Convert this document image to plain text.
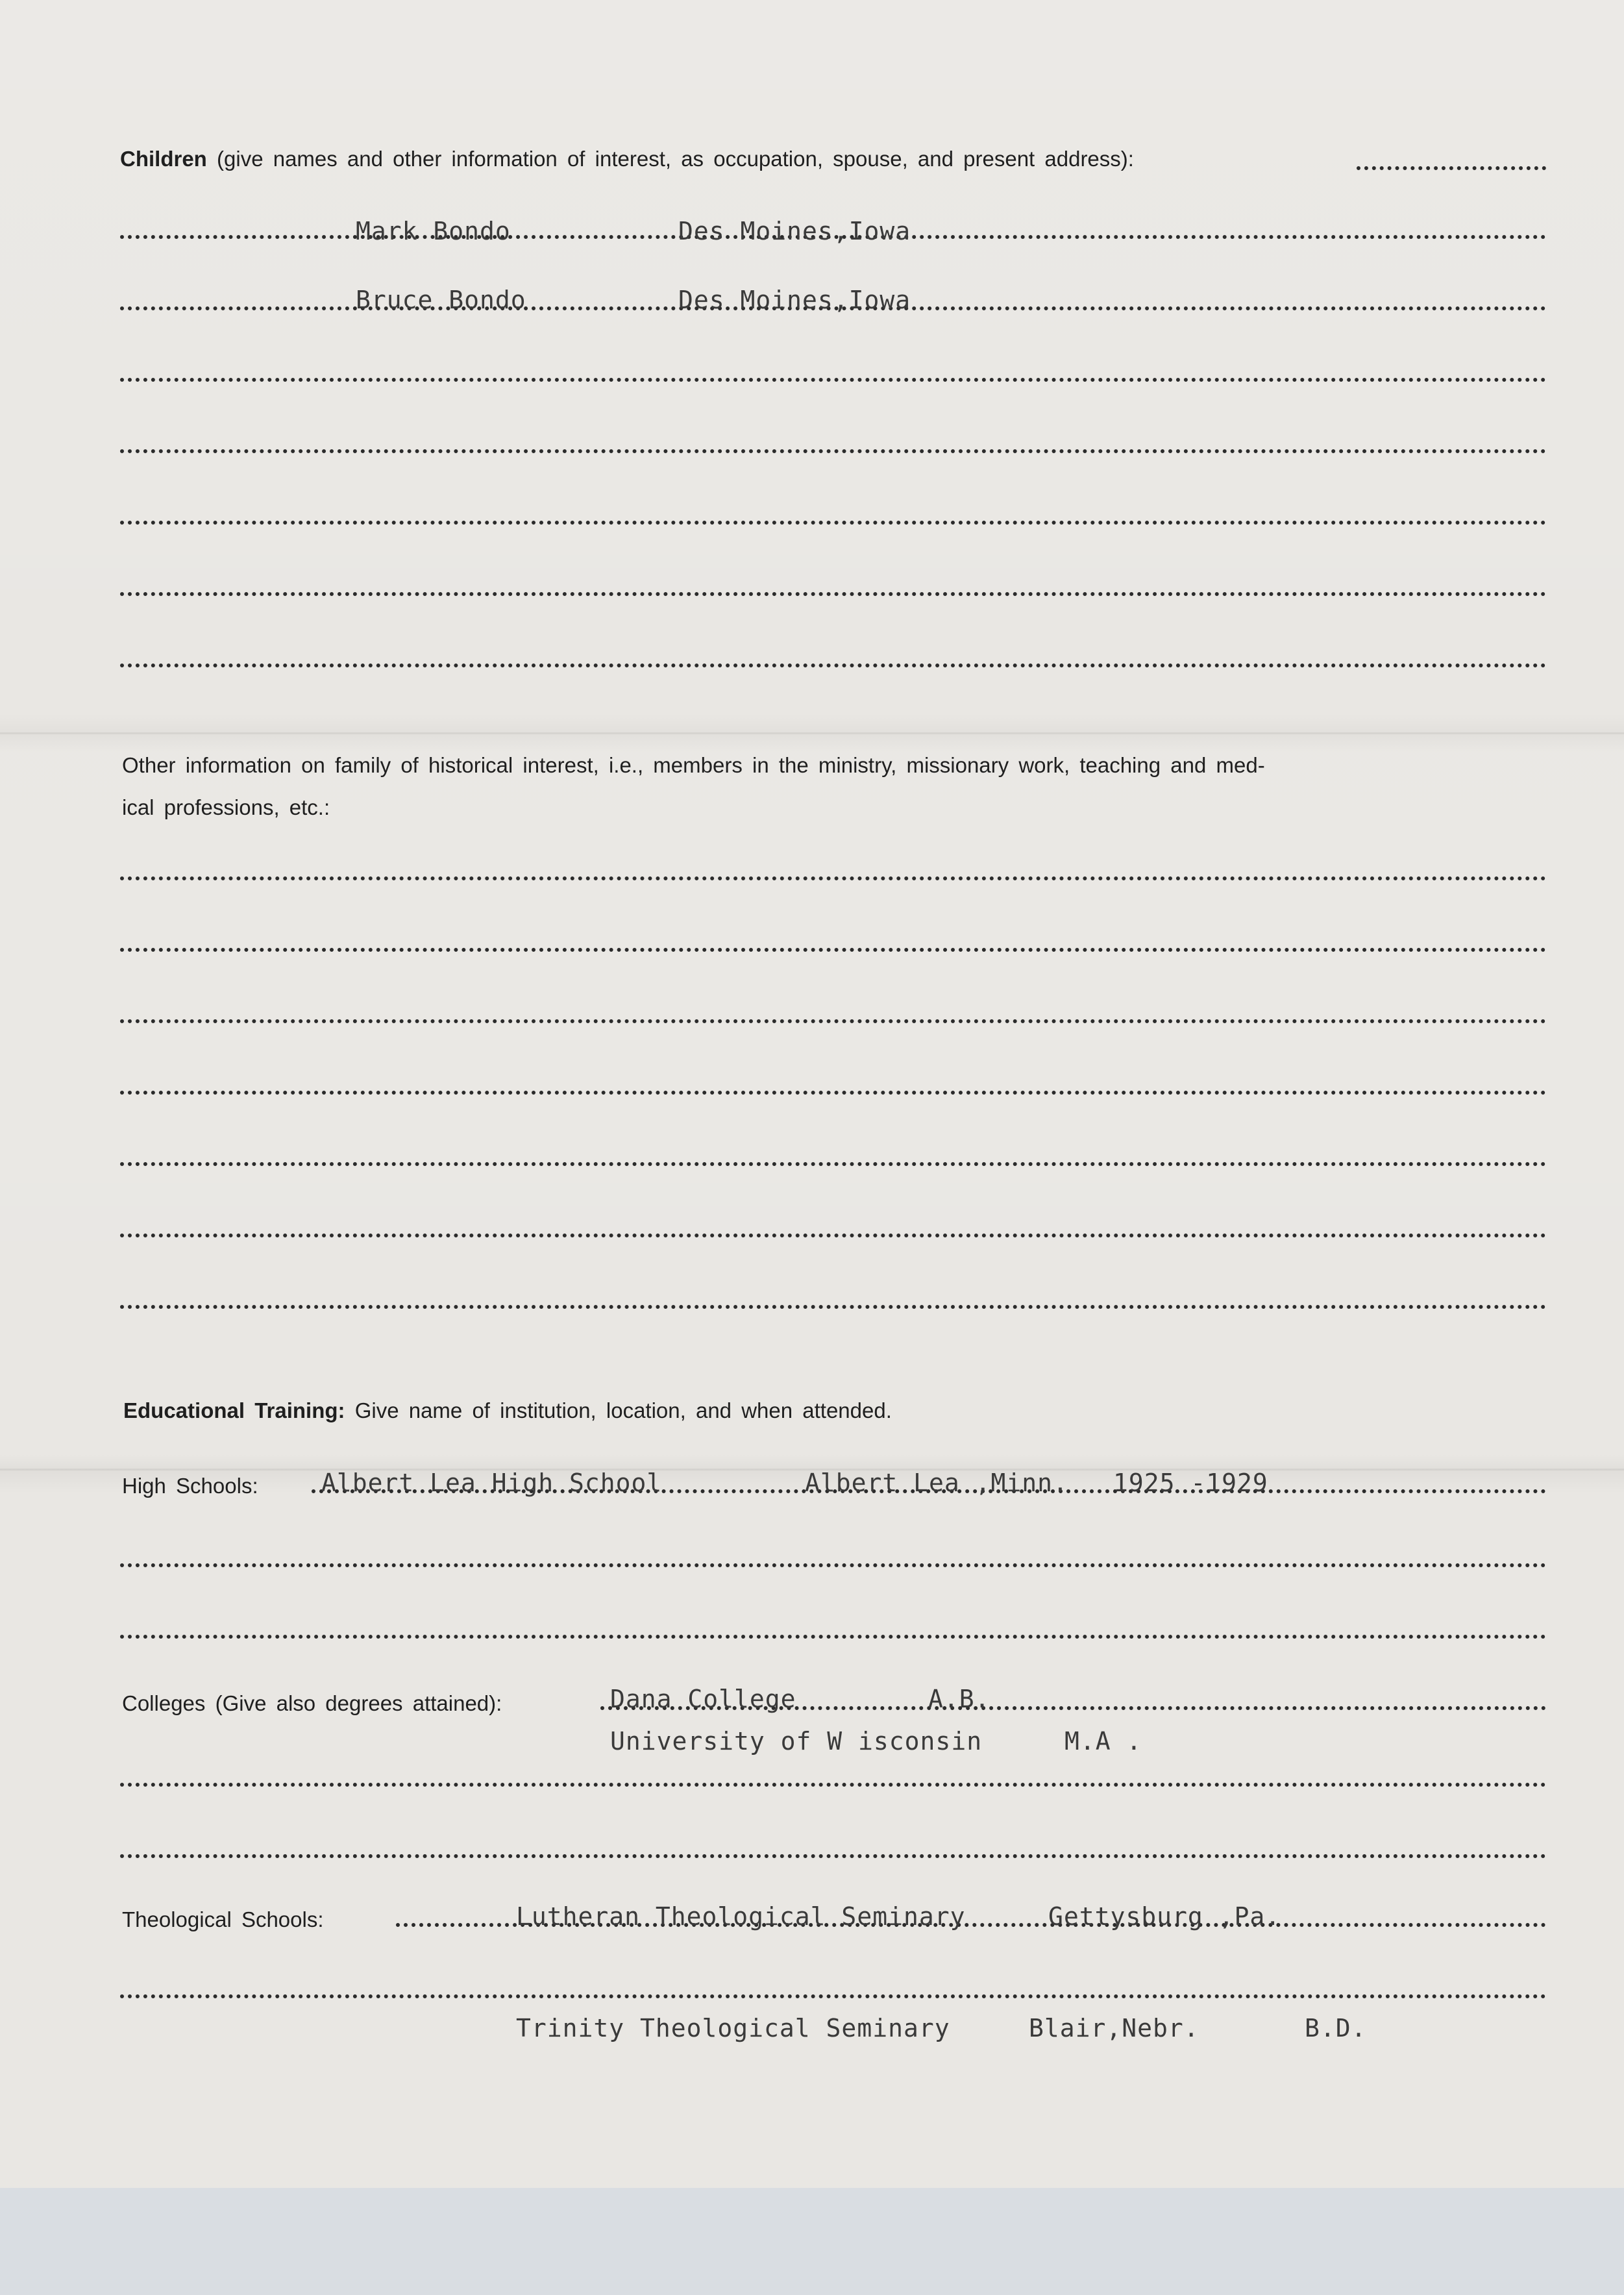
Children (give names and other information of interest, as occupation, spouse, and present address):
Mark Bondo	Des Moines,Iowa
Bruce Bondo	Des Moines,Iowa
Other information on family of historical interest, i.e., members in the ministry, missionary work, teaching and med-
ical professions, etc.:
Educational Training: Give name of institution, location, and when attended.
High Schools:	Albert Lea High School	Albert Lea ,Minn. 1925 -1929
Colleges (Give also degrees attained):	Dana College	A.B.
University of W isconsin	M.A .
Theological Schools:	Lutheran Theological Seminary	Gettysburg ,Pa.
Trinity Theological Seminary	Blair,Nebr.	B.D.
